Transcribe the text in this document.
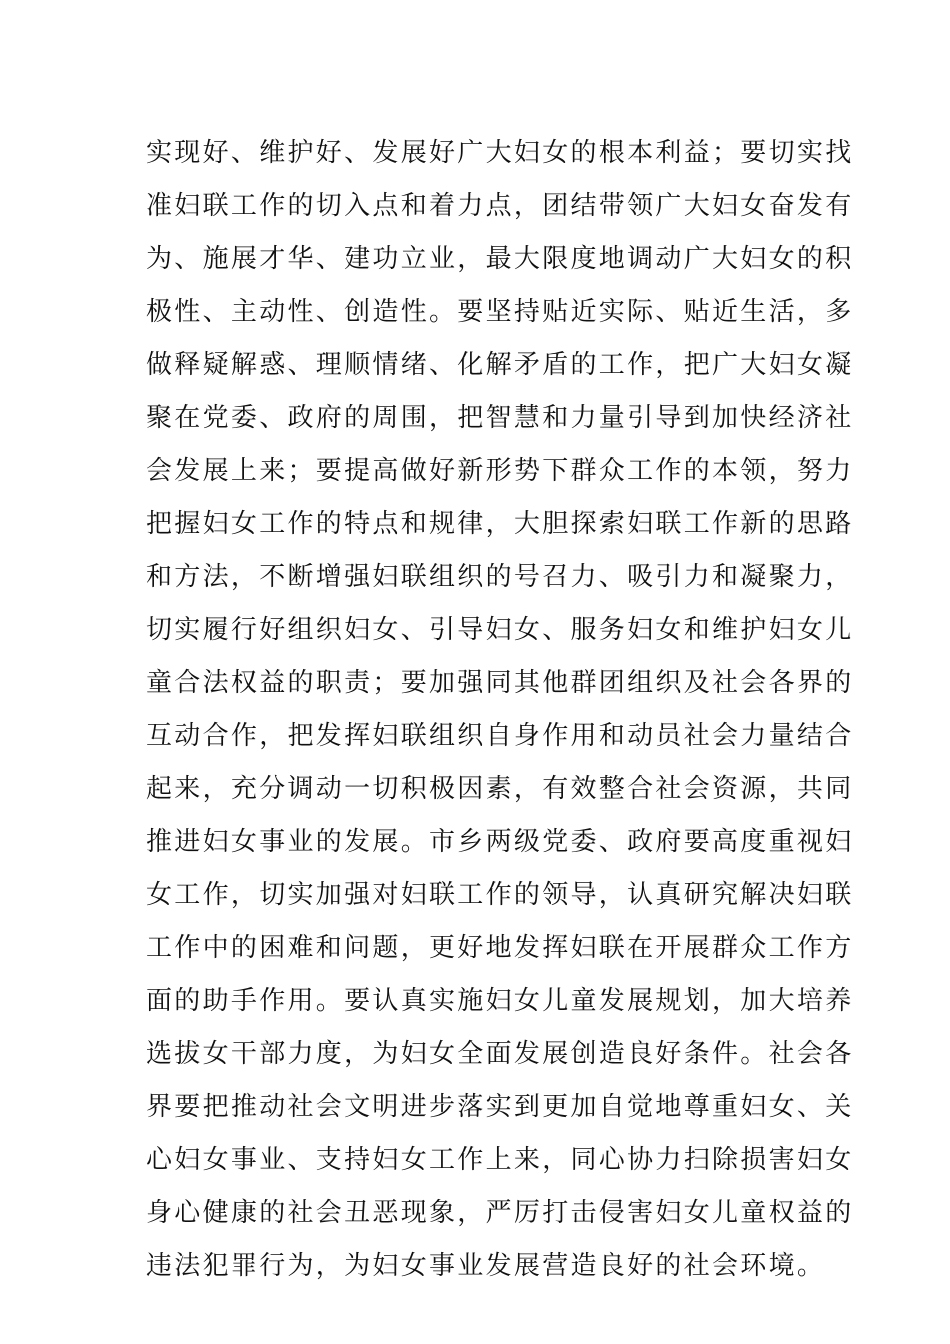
实现好、维护好、发展好广大妇女的根本利益；要切实找
准妇联工作的切入点和着力点，团结带领广大妇女奋发有
为、施展才华、建功立业，最大限度地调动广大妇女的积
极性、主动性、创造性。要坚持贴近实际、贴近生活，多
做释疑解惑、理顺情绪、化解矛盾的工作，把广大妇女凝
聚在党委、政府的周围，把智慧和力量引导到加快经济社
会发展上来；要提高做好新形势下群众工作的本领，努力
把握妇女工作的特点和规律，大胆探索妇联工作新的思路
和方法，不断增强妇联组织的号召力、吸引力和凝聚力，
切实履行好组织妇女、引导妇女、服务妇女和维护妇女儿
童合法权益的职责；要加强同其他群团组织及社会各界的
互动合作，把发挥妇联组织自身作用和动员社会力量结合
起来，充分调动一切积极因素，有效整合社会资源，共同
推进妇女事业的发展。市乡两级党委、政府要高度重视妇
女工作，切实加强对妇联工作的领导，认真研究解决妇联
工作中的困难和问题，更好地发挥妇联在开展群众工作方
面的助手作用。要认真实施妇女儿童发展规划，加大培养
选拔女干部力度，为妇女全面发展创造良好条件。社会各
界要把推动社会文明进步落实到更加自觉地尊重妇女、关
心妇女事业、支持妇女工作上来，同心协力扫除损害妇女
身心健康的社会丑恶现象，严厉打击侵害妇女儿童权益的
违法犯罪行为，为妇女事业发展营造良好的社会环境。
